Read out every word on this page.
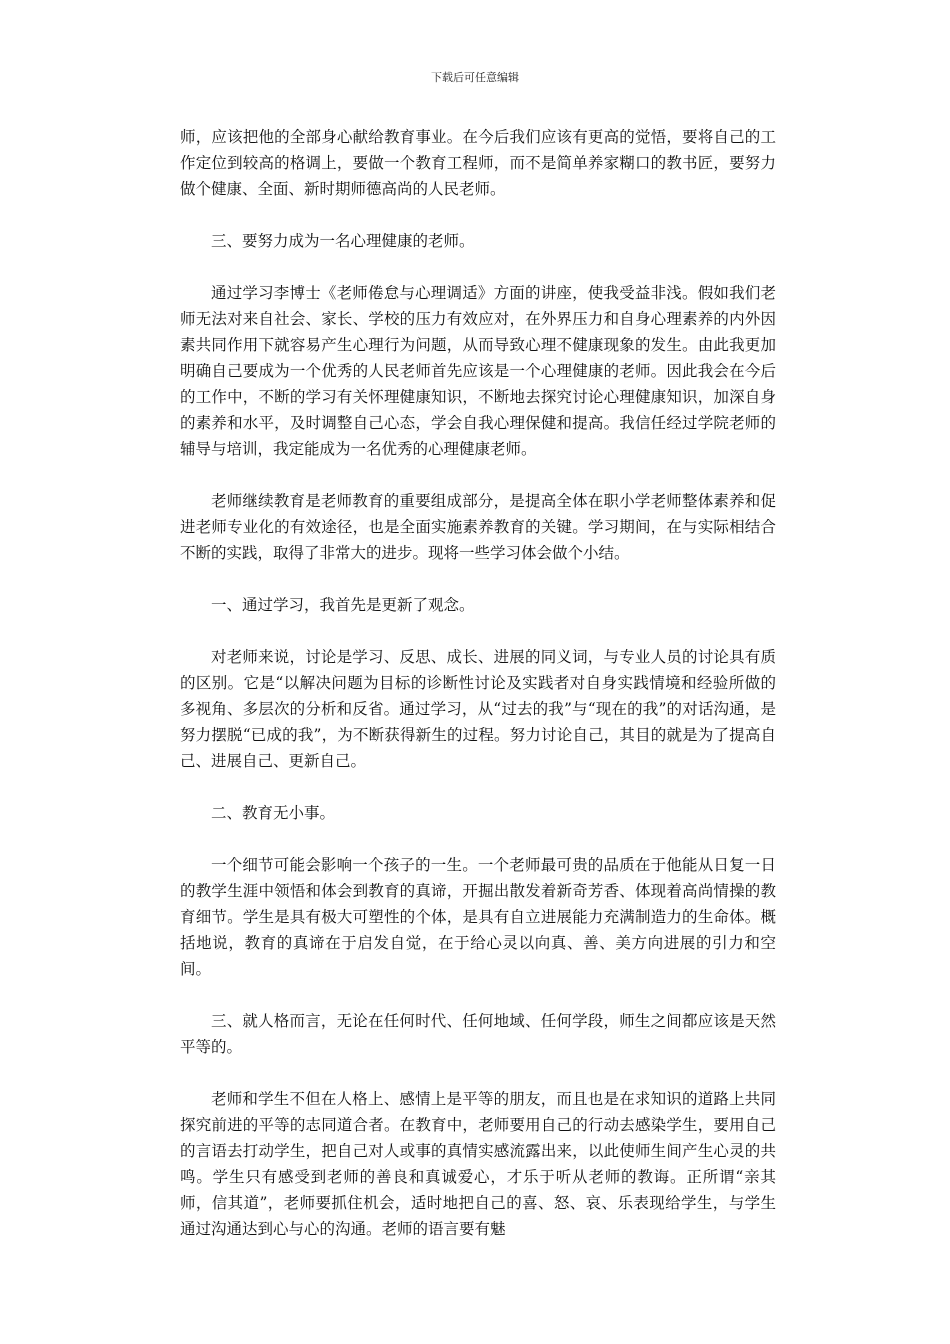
下载后可任意编辑

师，应该把他的全部身心献给教育事业。在今后我们应该有更高的觉悟，要将自己的工作定位到较高的格调上，要做一个教育工程师，而不是简单养家糊口的教书匠，要努力做个健康、全面、新时期师德高尚的人民老师。

三、要努力成为一名心理健康的老师。

通过学习李博士《老师倦怠与心理调适》方面的讲座，使我受益非浅。假如我们老师无法对来自社会、家长、学校的压力有效应对，在外界压力和自身心理素养的内外因素共同作用下就容易产生心理行为问题，从而导致心理不健康现象的发生。由此我更加明确自己要成为一个优秀的人民老师首先应该是一个心理健康的老师。因此我会在今后的工作中，不断的学习有关怀理健康知识，不断地去探究讨论心理健康知识，加深自身的素养和水平，及时调整自己心态，学会自我心理保健和提高。我信任经过学院老师的辅导与培训，我定能成为一名优秀的心理健康老师。

老师继续教育是老师教育的重要组成部分，是提高全体在职小学老师整体素养和促进老师专业化的有效途径，也是全面实施素养教育的关键。学习期间，在与实际相结合不断的实践，取得了非常大的进步。现将一些学习体会做个小结。

一、通过学习，我首先是更新了观念。

对老师来说，讨论是学习、反思、成长、进展的同义词，与专业人员的讨论具有质的区别。它是“以解决问题为目标的诊断性讨论及实践者对自身实践情境和经验所做的多视角、多层次的分析和反省。通过学习，从“过去的我”与“现在的我”的对话沟通，是努力摆脱“已成的我”，为不断获得新生的过程。努力讨论自己，其目的就是为了提高自己、进展自己、更新自己。

二、教育无小事。

一个细节可能会影响一个孩子的一生。一个老师最可贵的品质在于他能从日复一日的教学生涯中领悟和体会到教育的真谛，开掘出散发着新奇芳香、体现着高尚情操的教育细节。学生是具有极大可塑性的个体，是具有自立进展能力充满制造力的生命体。概括地说，教育的真谛在于启发自觉，在于给心灵以向真、善、美方向进展的引力和空间。

三、就人格而言，无论在任何时代、任何地域、任何学段，师生之间都应该是天然平等的。

老师和学生不但在人格上、感情上是平等的朋友，而且也是在求知识的道路上共同探究前进的平等的志同道合者。在教育中，老师要用自己的行动去感染学生，要用自己的言语去打动学生，把自己对人或事的真情实感流露出来，以此使师生间产生心灵的共鸣。学生只有感受到老师的善良和真诚爱心，才乐于听从老师的教诲。正所谓“亲其师，信其道”，老师要抓住机会，适时地把自己的喜、怒、哀、乐表现给学生，与学生通过沟通达到心与心的沟通。老师的语言要有魅
